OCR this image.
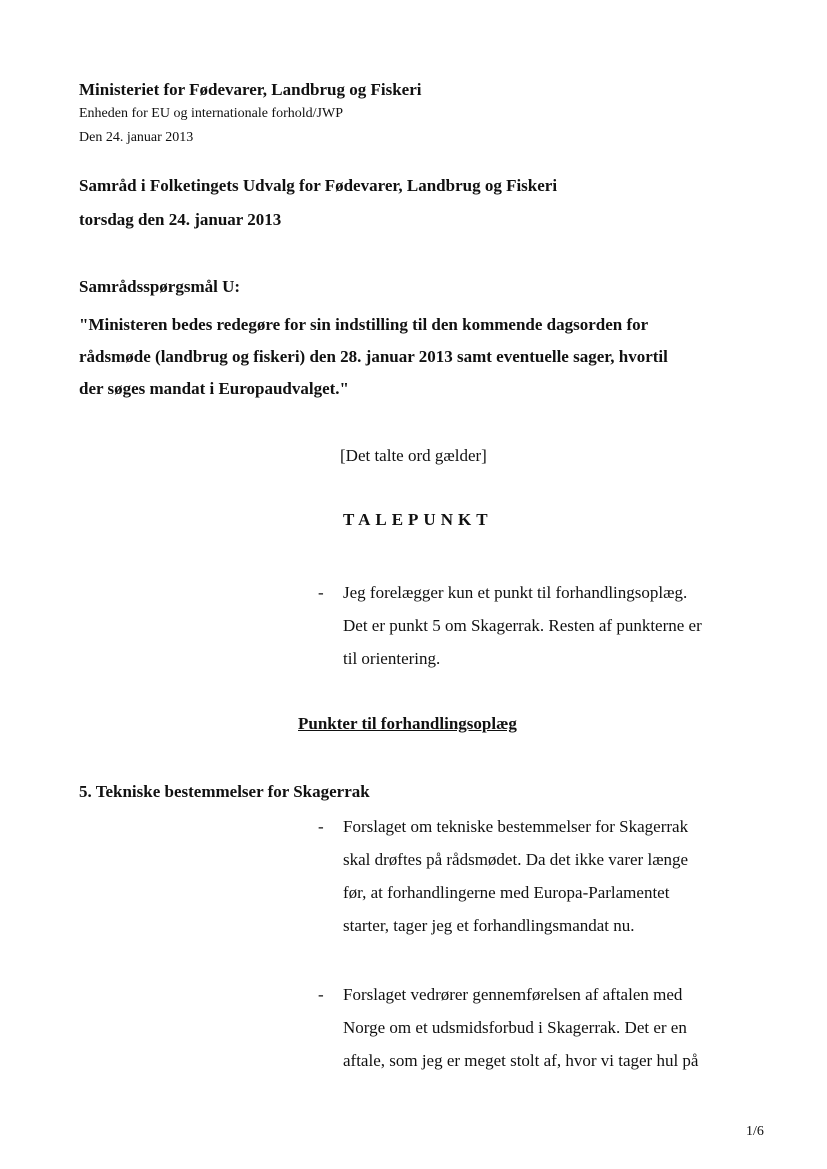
Ministeriet for Fødevarer, Landbrug og Fiskeri
Enheden for EU og internationale forhold/JWP
Den 24. januar 2013
Samråd i Folketingets Udvalg for Fødevarer, Landbrug og Fiskeri
torsdag den 24. januar 2013
Samrådsspørgsmål U:
"Ministeren bedes redegøre for sin indstilling til den kommende dagsorden for
rådsmøde (landbrug og fiskeri) den 28. januar 2013 samt eventuelle sager, hvortil
der søges mandat i Europaudvalget."
[Det talte ord gælder]
TALEPUNKT
- Jeg forelægger kun et punkt til forhandlingsoplæg.
Det er punkt 5 om Skagerrak. Resten af punkterne er
til orientering.
Punkter til forhandlingsoplæg
5. Tekniske bestemmelser for Skagerrak
- Forslaget om tekniske bestemmelser for Skagerrak
skal drøftes på rådsmødet. Da det ikke varer længe
før, at forhandlingerne med Europa-Parlamentet
starter, tager jeg et forhandlingsmandat nu.
- Forslaget vedrører gennemførelsen af aftalen med
Norge om et udsmidsforbud i Skagerrak. Det er en
aftale, som jeg er meget stolt af, hvor vi tager hul på
1/6
